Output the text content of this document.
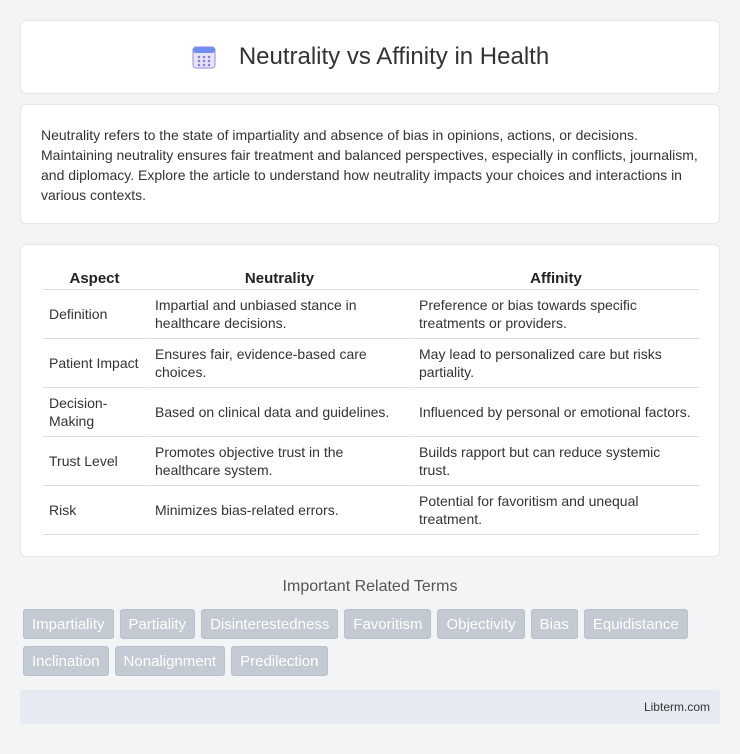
Neutrality vs Affinity in Health

Neutrality refers to the state of impartiality and absence of bias in opinions, actions, or decisions. Maintaining neutrality ensures fair treatment and balanced perspectives, especially in conflicts, journalism, and diplomacy. Explore the article to understand how neutrality impacts your choices and interactions in various contexts.

Aspect	Neutrality	Affinity
Definition	Impartial and unbiased stance in healthcare decisions.	Preference or bias towards specific treatments or providers.
Patient Impact	Ensures fair, evidence-based care choices.	May lead to personalized care but risks partiality.
Decision-Making	Based on clinical data and guidelines.	Influenced by personal or emotional factors.
Trust Level	Promotes objective trust in the healthcare system.	Builds rapport but can reduce systemic trust.
Risk	Minimizes bias-related errors.	Potential for favoritism and unequal treatment.
Important Related Terms
Impartiality	Partiality	Disinterestedness	Favoritism	Objectivity	Bias	Equidistance
Inclination	Nonalignment	Predilection
Libterm.com
